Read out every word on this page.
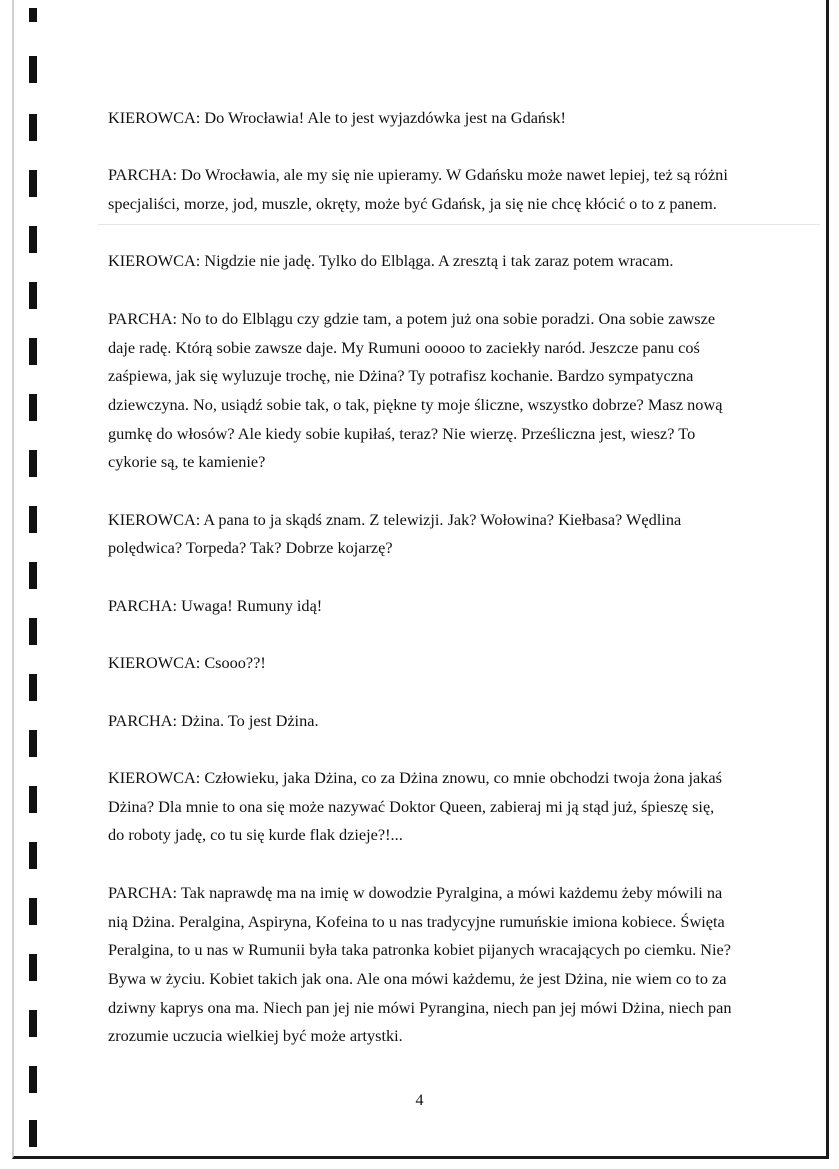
KIEROWCA: Do Wrocławia! Ale to jest wyjazdówka jest na Gdańsk!

PARCHA: Do Wrocławia, ale my się nie upieramy. W Gdańsku może nawet lepiej, też są różni specjaliści, morze, jod, muszle, okręty, może być Gdańsk, ja się nie chcę kłócić o to z panem.

KIEROWCA: Nigdzie nie jadę. Tylko do Elbląga. A zresztą i tak zaraz potem wracam.

PARCHA: No to do Elblągu czy gdzie tam, a potem już ona sobie poradzi. Ona sobie zawsze daje radę. Którą sobie zawsze daje. My Rumuni ooooo to zaciekły naród. Jeszcze panu coś zaśpiewa, jak się wyluzuje trochę, nie Dżina? Ty potrafisz kochanie. Bardzo sympatyczna dziewczyna. No, usiądź sobie tak, o tak, piękne ty moje śliczne, wszystko dobrze? Masz nową gumkę do włosów? Ale kiedy sobie kupiłaś, teraz? Nie wierzę. Prześliczna jest, wiesz? To cykorie są, te kamienie?

KIEROWCA: A pana to ja skądś znam. Z telewizji. Jak? Wołowina? Kiełbasa? Wędlina polędwica? Torpeda? Tak? Dobrze kojarzę?

PARCHA: Uwaga! Rumuny idą!

KIEROWCA: Csooo??!

PARCHA: Dżina. To jest Dżina.

KIEROWCA: Człowieku, jaka Dżina, co za Dżina znowu, co mnie obchodzi twoja żona jakaś Dżina? Dla mnie to ona się może nazywać Doktor Queen, zabieraj mi ją stąd już, śpieszę się, do roboty jadę, co tu się kurde flak dzieje?!...

PARCHA: Tak naprawdę ma na imię w dowodzie Pyralgina, a mówi każdemu żeby mówili na nią Dżina. Peralgina, Aspiryna, Kofeina to u nas tradycyjne rumuńskie imiona kobiece. Święta Peralgina, to u nas w Rumunii była taka patronka kobiet pijanych wracających po ciemku. Nie? Bywa w życiu. Kobiet takich jak ona. Ale ona mówi każdemu, że jest Dżina, nie wiem co to za dziwny kaprys ona ma. Niech pan jej nie mówi Pyrangina, niech pan jej mówi Dżina, niech pan zrozumie uczucia wielkiej być może artystki.

4
